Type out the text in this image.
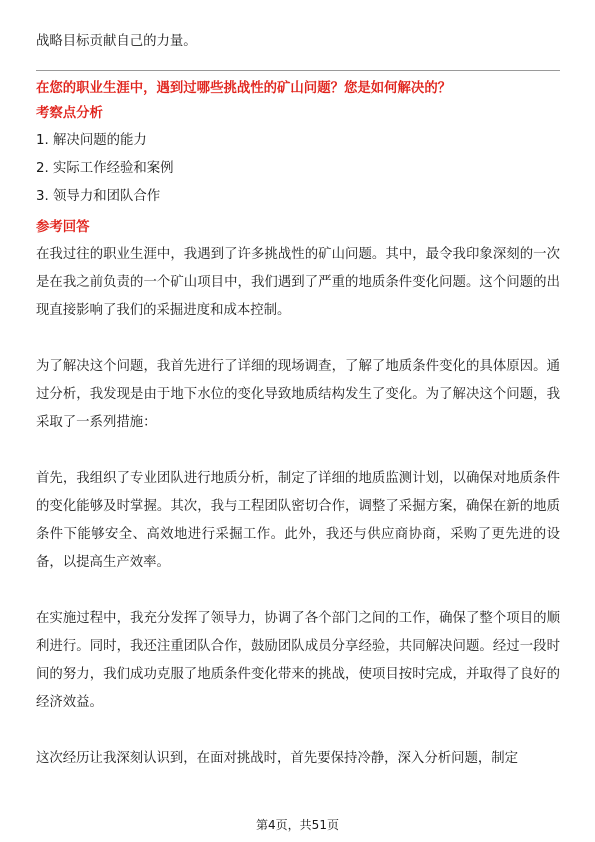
战略目标贡献自己的力量。

在您的职业生涯中，遇到过哪些挑战性的矿山问题？您是如何解决的？

考察点分析

1. 解决问题的能力

2. 实际工作经验和案例

3. 领导力和团队合作

参考回答

在我过往的职业生涯中，我遇到了许多挑战性的矿山问题。其中，最令我印象深刻的一次是在我之前负责的一个矿山项目中，我们遇到了严重的地质条件变化问题。这个问题的出现直接影响了我们的采掘进度和成本控制。

为了解决这个问题，我首先进行了详细的现场调查，了解了地质条件变化的具体原因。通过分析，我发现是由于地下水位的变化导致地质结构发生了变化。为了解决这个问题，我采取了一系列措施：

首先，我组织了专业团队进行地质分析，制定了详细的地质监测计划，以确保对地质条件的变化能够及时掌握。其次，我与工程团队密切合作，调整了采掘方案，确保在新的地质条件下能够安全、高效地进行采掘工作。此外，我还与供应商协商，采购了更先进的设备，以提高生产效率。

在实施过程中，我充分发挥了领导力，协调了各个部门之间的工作，确保了整个项目的顺利进行。同时，我还注重团队合作，鼓励团队成员分享经验，共同解决问题。经过一段时间的努力，我们成功克服了地质条件变化带来的挑战，使项目按时完成，并取得了良好的经济效益。

这次经历让我深刻认识到，在面对挑战时，首先要保持冷静，深入分析问题，制定

第4页，共51页
